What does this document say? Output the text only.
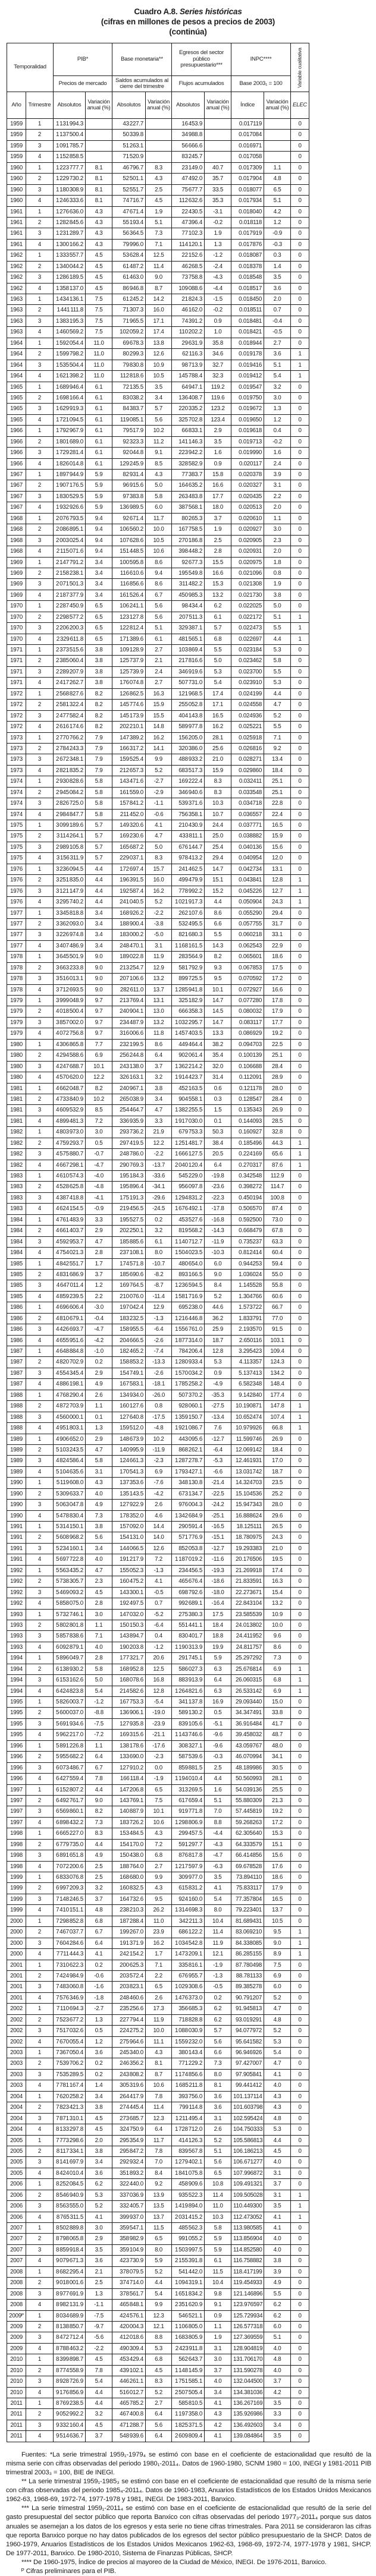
Cuadro A.8. Series históricas
(cifras en millones de pesos a precios de 2003)
(continúa)
Temporalidad		PIB*		Base monetaria**		Egresos del sector público presupuestario***		INPC****		Variable cualitativa

		Precios de mercado		Saldos acumulados al cierre del trimestre		Flujos acumulados		Base 2003₁ = 100		
Año	Trimestre	Absolutos	Variación anual (%)	Absolutos	Variación anual (%)	Absolutos	Variación anual (%)	Índice	Variación anual (%)	ELEC
1959	1	1 131 994.3		43 227.7		16 453.9		0.017119		0
1959	2	1 137 500.4		50 339.8		34 988.8		0.017084		0
1959	3	1 091 785.7		51 263.1		56 666.6		0.016971		0
1959	4	1 152 858.5		71 520.9		83 245.7		0.017058		0
1960	1	1 223 777.7	8.1	46 796.7	8.3	23 149.0	40.7	0.017309	1.1	0
1960	2	1 229 730.2	8.1	52 501.1	4.3	47 492.0	35.7	0.017904	4.8	0
1960	3	1 180 308.9	8.1	52 551.7	2.5	75 677.7	33.5	0.018077	6.5	0
1960	4	1 246 333.6	8.1	74 716.7	4.5	112 632.6	35.3	0.017934	5.1	0
1961	1	1 276 636.0	4.3	47 671.4	1.9	22 430.5	-3.1	0.018040	4.2	0
1961	2	1 282 845.6	4.3	55 193.4	5.1	47 396.4	-0.2	0.018118	1.2	0
1961	3	1 231 289.7	4.3	56 364.5	7.3	77 102.3	1.9	0.017919	-0.9	0
1961	4	1 300 166.2	4.3	79 996.0	7.1	114 120.1	1.3	0.017876	-0.3	0
1962	1	1 333 557.7	4.5	53 628.4	12.5	22 152.6	-1.2	0.018087	0.3	0
1962	2	1 340 044.2	4.5	61 487.2	11.4	46 268.5	-2.4	0.018378	1.4	0
1962	3	1 286 189.5	4.5	61 463.0	9.0	73 758.8	-4.3	0.018548	3.5	0
1962	4	1 358 137.0	4.5	86 946.8	8.7	109 088.6	-4.4	0.018517	3.6	0
1963	1	1 434 136.1	7.5	61 245.2	14.2	21 824.3	-1.5	0.018450	2.0	0
1963	2	1 441 111.8	7.5	71 307.3	16.0	46 162.0	-0.2	0.018511	0.7	0
1963	3	1 383 195.3	7.5	71 965.5	17.1	74 391.2	0.9	0.018481	-0.4	0
1963	4	1 460 569.2	7.5	102 059.2	17.4	110 202.2	1.0	0.018421	-0.5	0
1964	1	1 592 054.4	11.0	69 678.3	13.8	29 631.9	35.8	0.018944	2.7	0
1964	2	1 599 798.2	11.0	80 299.3	12.6	62 116.3	34.6	0.019178	3.6	1
1964	3	1 535 504.4	11.0	79 830.8	10.9	98 713.9	32.7	0.019416	5.1	1
1964	4	1 621 398.2	11.0	112 818.6	10.5	145 788.4	32.3	0.019412	5.4	1
1965	1	1 689 946.4	6.1	72 135.5	3.5	64 947.1	119.2	0.019547	3.2	0
1965	2	1 698 166.4	6.1	83 038.2	3.4	136 408.7	119.6	0.019750	3.0	0
1965	3	1 629 919.3	6.1	84 383.7	5.7	220 335.2	123.2	0.019672	1.3	0
1965	4	1 721 094.5	6.1	119 085.1	5.6	325 702.8	123.4	0.019650	1.2	0
1966	1	1 792 967.9	6.1	79 517.9	10.2	66 833.1	2.9	0.019618	0.4	0
1966	2	1 801 689.0	6.1	92 323.3	11.2	141 146.3	3.5	0.019713	-0.2	0
1966	3	1 729 281.4	6.1	92 044.8	9.1	223 942.2	1.6	0.019990	1.6	0
1966	4	1 826 014.8	6.1	129 245.9	8.5	328 582.9	0.9	0.020117	2.4	0
1967	1	1 897 944.9	5.9	82 931.4	4.3	77 383.7	15.8	0.020378	3.9	0
1967	2	1 907 176.5	5.9	96 915.6	5.0	164 635.2	16.6	0.020327	3.1	0
1967	3	1 830 529.5	5.9	97 383.8	5.8	263 483.8	17.7	0.020435	2.2	0
1967	4	1 932 926.6	5.9	136 989.5	6.0	387 568.1	18.0	0.020513	2.0	0
1968	1	2 076 793.5	9.4	92 671.4	11.7	80 265.3	3.7	0.020610	1.1	0
1968	2	2 086 895.1	9.4	106 560.2	10.0	167 758.5	1.9	0.020927	3.0	0
1968	3	2 003 025.4	9.4	107 628.6	10.5	270 186.8	2.5	0.020905	2.3	0
1968	4	2 115 071.6	9.4	151 448.5	10.6	398 448.2	2.8	0.020931	2.0	0
1969	1	2 147 791.2	3.4	100 595.8	8.6	92 677.3	15.5	0.020975	1.8	0
1969	2	2 158 238.1	3.4	116 610.6	9.4	195 549.8	16.6	0.021096	0.8	0
1969	3	2 071 501.3	3.4	116 856.6	8.6	311 482.2	15.3	0.021308	1.9	0
1969	4	2 187 377.9	3.4	161 526.4	6.7	450 985.3	13.2	0.021730	3.8	0
1970	1	2 287 450.9	6.5	106 241.1	5.6	98 434.4	6.2	0.022025	5.0	0
1970	2	2 298 577.2	6.5	123 127.8	5.6	207 511.3	6.1	0.022172	5.1	1
1970	3	2 206 200.3	6.5	122 812.4	5.1	329 387.1	5.7	0.022473	5.5	1
1970	4	2 329 611.8	6.5	171 389.6	6.1	481 565.1	6.8	0.022697	4.4	1
1971	1	2 373 515.6	3.8	109 128.9	2.7	103 869.4	5.5	0.023184	5.3	0
1971	2	2 385 060.4	3.8	125 737.9	2.1	217 816.6	5.0	0.023462	5.8	0
1971	3	2 289 207.9	3.8	125 739.9	2.4	346 919.6	5.3	0.023700	5.5	0
1971	4	2 417 262.7	3.8	176 074.8	2.7	507 731.0	5.4	0.023910	5.3	0
1972	1	2 568 827.6	8.2	126 862.5	16.3	121 968.5	17.4	0.024199	4.4	0
1972	2	2 581 322.4	8.2	145 774.6	15.9	255 052.8	17.1	0.024558	4.7	0
1972	3	2 477 582.4	8.2	145 173.9	15.5	404 143.8	16.5	0.024936	5.2	0
1972	4	2 616 174.6	8.2	202 210.1	14.8	589 977.8	16.2	0.025221	5.5	0
1973	1	2 770 766.2	7.9	147 389.2	16.2	156 205.0	28.1	0.025918	7.1	0
1973	2	2 784 243.3	7.9	166 317.2	14.1	320 386.0	25.6	0.026816	9.2	0
1973	3	2 672 348.1	7.9	159 525.4	9.9	488 933.2	21.0	0.028271	13.4	0
1973	4	2 821 835.2	7.9	212 657.3	5.2	683 517.3	15.9	0.029860	18.4	0
1974	1	2 930 828.6	5.8	143 471.6	-2.7	169 222.4	8.3	0.032411	25.1	0
1974	2	2 945 084.2	5.8	161 559.0	-2.9	346 940.6	8.3	0.033548	25.1	0
1974	3	2 826 725.0	5.8	157 841.2	-1.1	539 371.6	10.3	0.034718	22.8	0
1974	4	2 984 847.7	5.8	211 452.0	-0.6	756 358.1	10.7	0.036557	22.4	0
1975	1	3 099 189.6	5.7	149 320.6	4.1	210 430.9	24.4	0.037771	16.5	0
1975	2	3 114 264.1	5.7	169 230.6	4.7	433 811.1	25.0	0.038882	15.9	0
1975	3	2 989 105.8	5.7	165 687.2	5.0	676 144.7	25.4	0.040136	15.6	0
1975	4	3 156 311.9	5.7	229 037.1	8.3	978 413.2	29.4	0.040954	12.0	0
1976	1	3 236 094.5	4.4	172 697.4	15.7	241 462.5	14.7	0.042734	13.1	0
1976	2	3 251 835.0	4.4	196 391.5	16.0	499 479.9	15.1	0.043841	12.8	1
1976	3	3 121 147.9	4.4	192 587.4	16.2	778 992.2	15.2	0.045226	12.7	1
1976	4	3 295 740.2	4.4	241 040.5	5.2	1 021 917.3	4.4	0.050904	24.3	1
1977	1	3 345 818.8	3.4	168 926.2	-2.2	262 107.6	8.6	0.055290	29.4	0
1977	2	3 362 093.0	3.4	188 900.4	-3.8	532 495.5	6.6	0.057755	31.7	0
1977	3	3 226 974.8	3.4	183 000.2	-5.0	821 680.3	5.5	0.060218	33.1	0
1977	4	3 407 486.9	3.4	248 470.1	3.1	1 168 161.5	14.3	0.062543	22.9	0
1978	1	3 645 501.9	9.0	189 022.8	11.9	283 564.9	8.2	0.065601	18.6	0
1978	2	3 663 233.8	9.0	213 254.7	12.9	581 792.9	9.3	0.067853	17.5	0
1978	3	3 516 013.1	9.0	207 106.6	13.2	899 725.5	9.5	0.070592	17.2	0
1978	4	3 712 693.5	9.0	282 611.0	13.7	1 285 941.8	10.1	0.072927	16.6	0
1979	1	3 999 048.9	9.7	213 769.4	13.1	325 182.9	14.7	0.077280	17.8	0
1979	2	4 018 500.4	9.7	240 904.1	13.0	666 358.3	14.5	0.080032	17.9	0
1979	3	3 857 002.0	9.7	234 487.9	13.2	1 032 295.7	14.7	0.083117	17.7	0
1979	4	4 072 756.8	9.7	316 006.6	11.8	1 457 403.5	13.3	0.086929	19.2	0
1980	1	4 306 865.8	7.7	232 199.5	8.6	449 464.4	38.2	0.094703	22.5	0
1980	2	4 294 588.6	6.9	256 244.8	6.4	902 061.4	35.4	0.100139	25.1	0
1980	3	4 247 688.7	10.1	243 138.0	3.7	1 362 214.2	32.0	0.106688	28.4	0
1980	4	4 570 620.0	12.2	326 163.1	3.2	1 914 423.7	31.4	0.112091	28.9	0
1981	1	4 662 048.7	8.2	240 967.1	3.8	452 163.5	0.6	0.121178	28.0	0
1981	2	4 733 840.9	10.2	265 038.9	3.4	904 558.1	0.3	0.128547	28.4	0
1981	3	4 609 532.9	8.5	254 464.7	4.7	1 382 255.5	1.5	0.135343	26.9	0
1981	4	4 899 481.3	7.2	336 935.9	3.3	1 917 030.0	0.1	0.144093	28.5	0
1982	1	4 803 973.0	3.0	293 736.2	21.9	679 753.3	50.3	0.160927	32.8	0
1982	2	4 759 293.7	0.5	297 419.5	12.2	1 251 481.7	38.4	0.185496	44.3	1
1982	3	4 575 880.7	-0.7	248 786.0	-2.2	1 666 127.5	20.5	0.224169	65.6	1
1982	4	4 667 298.1	-4.7	290 769.3	-13.7	2 040 120.4	6.4	0.270317	87.6	1
1983	1	4 610 574.3	-4.0	195 184.3	-33.6	545 229.0	-19.8	0.342548	112.9	0
1983	2	4 528 625.8	-4.8	195 896.4	-34.1	956 097.8	-23.6	0.398272	114.7	0
1983	3	4 387 418.8	-4.1	175 191.3	-29.6	1 294 831.2	-22.3	0.450194	100.8	0
1983	4	4 624 154.5	-0.9	219 456.5	-24.5	1 676 492.1	-17.8	0.506570	87.4	0
1984	1	4 761 483.9	3.3	195 527.5	0.2	453 527.6	-16.8	0.592500	73.0	0
1984	2	4 661 403.7	2.9	202 250.1	3.2	819 568.2	-14.3	0.668479	67.8	0
1984	3	4 592 953.7	4.7	185 885.6	6.1	1 140 712.7	-11.9	0.735237	63.3	0
1984	4	4 754 021.3	2.8	237 108.1	8.0	1 504 023.5	-10.3	0.812414	60.4	0
1985	1	4 842 551.7	1.7	174 571.8	-10.7	480 654.0	6.0	0.944253	59.4	0
1985	2	4 831 686.9	3.7	185 690.6	-8.2	893 166.5	9.0	1.036024	55.0	0
1985	3	4 647 011.4	1.2	169 764.5	-8.7	1 236 594.5	8.4	1.145528	55.8	0
1985	4	4 859 239.5	2.2	210 076.0	-11.4	1 581 716.9	5.2	1.304766	60.6	0
1986	1	4 696 606.4	-3.0	197 042.4	12.9	695 238.0	44.6	1.573722	66.7	0
1986	2	4 810 679.1	-0.4	183 232.5	-1.3	1 216 446.8	36.2	1.833791	77.0	0
1986	3	4 426 693.7	-4.7	158 955.5	-6.4	1 556 761.0	25.9	2.193570	91.5	0
1986	4	4 655 951.6	-4.2	204 666.5	-2.6	1 877 314.0	18.7	2.650116	103.1	0
1987	1	4 648 884.8	-1.0	182 465.2	-7.4	784 206.4	12.8	3.295423	109.4	0
1987	2	4 820 702.9	0.2	158 853.2	-13.3	1 280 933.4	5.3	4.113357	124.3	0
1987	3	4 554 345.4	2.9	154 749.1	-2.6	1 570 034.2	0.9	5.137413	134.2	0
1987	4	4 886 198.1	4.9	167 583.1	-18.1	1 785 258.2	-4.9	6.582348	148.4	0
1988	1	4 768 290.4	2.6	134 934.0	-26.0	507 370.2	-35.3	9.142840	177.4	0
1988	2	4 872 703.9	1.1	160 127.6	0.8	928 060.1	-27.5	10.190871	147.8	1
1988	3	4 560 000.1	0.1	127 640.8	-17.5	1 359 150.7	-13.4	10.652474	107.4	1
1988	4	4 951 803.1	1.3	159 512.0	-4.8	1 921 086.7	7.6	10.979926	66.8	1
1989	1	4 906 652.0	2.9	148 673.9	10.2	443 095.6	-12.7	11.599746	26.9	0
1989	2	5 103 243.5	4.7	140 995.9	-11.9	868 262.1	-6.4	12.069142	18.4	0
1989	3	4 824 586.4	5.8	124 661.3	-2.3	1 287 278.7	-5.3	12.461931	17.0	0
1989	4	5 104 635.6	3.1	170 541.3	6.9	1 793 427.1	-6.6	13.031742	18.7	0
1990	1	5 119 608.0	4.3	137 353.6	-7.6	348 130.8	-21.4	14.324703	23.5	0
1990	2	5 309 633.7	4.0	135 143.5	-4.2	673 134.7	-22.5	15.104536	25.2	0
1990	3	5 063 047.8	4.9	127 922.9	2.6	976 004.3	-24.2	15.947343	28.0	0
1990	4	5 478 830.4	7.3	178 352.0	4.6	1 342 684.9	-25.1	16.888624	29.6	0
1991	1	5 314 150.1	3.8	157 092.0	14.4	290 591.4	-16.5	18.125111	26.5	0
1991	2	5 608 968.2	5.6	154 131.0	14.0	571 776.9	-15.1	18.780975	24.3	0
1991	3	5 234 160.1	3.4	144 066.5	12.6	852 053.8	-12.7	19.293383	21.0	0
1991	4	5 697 722.8	4.0	191 217.9	7.2	1 187 019.2	-11.6	20.176506	19.5	0
1992	1	5 563 435.2	4.7	155 052.3	-1.3	234 456.5	-19.3	21.269918	17.4	0
1992	2	5 738 305.7	2.3	160 475.2	4.1	465 676.4	-18.6	21.833591	16.3	0
1992	3	5 469 093.2	4.5	143 300.1	-0.5	698 792.6	-18.0	22.273671	15.4	0
1992	4	5 858 075.0	2.8	192 497.5	0.7	992 689.1	-16.4	22.843104	13.2	0
1993	1	5 732 746.1	3.0	147 032.0	-5.2	275 380.3	17.5	23.585539	10.9	0
1993	2	5 802 801.8	1.1	150 150.3	-6.4	551 441.1	18.4	24.013802	10.0	0
1993	3	5 857 838.6	7.1	143 894.7	0.4	830 401.7	18.8	24.411952	9.6	0
1993	4	6 092 879.1	4.0	190 203.8	-1.2	1 190 313.9	19.9	24.811757	8.6	0
1994	1	5 896 049.7	2.8	177 321.7	20.6	291 745.1	5.9	25.297292	7.3	0
1994	2	6 138 930.2	5.8	168 952.8	12.5	586 027.3	6.3	25.676814	6.9	1
1994	3	6 153 162.6	5.0	168 078.6	16.8	883 913.9	6.4	26.060315	6.8	1
1994	4	6 424 823.8	5.4	214 582.6	12.8	1 264 821.6	6.3	26.533142	6.9	1
1995	1	5 826 003.7	-1.2	167 753.3	-5.4	341 137.8	16.9	29.093440	15.0	0
1995	2	5 600 037.0	-8.8	136 906.1	-19.0	589 130.2	0.5	34.347491	33.8	0
1995	3	5 691 934.6	-7.5	127 935.8	-23.9	839 105.6	-5.1	36.916484	41.7	0
1995	4	5 962 217.0	-7.2	169 315.6	-21.1	1 143 746.6	-9.6	39.458032	48.7	0
1996	1	5 891 226.8	1.1	138 178.6	-17.6	308 327.1	-9.6	43.059767	48.0	0
1996	2	5 955 682.2	6.4	133 690.0	-2.3	587 539.6	-0.3	46.070994	34.1	0
1996	3	6 073 486.7	6.7	127 910.2	0.0	859 881.5	2.5	48.189986	30.5	0
1996	4	6 427 559.4	7.8	166 118.4	-1.9	1 194 010.4	4.4	50.560993	28.1	0
1997	1	6 152 807.2	4.4	147 206.8	6.5	313 269.5	1.6	54.039136	25.5	0
1997	2	6 492 761.7	9.0	143 769.1	7.5	617 659.4	5.1	55.880309	21.3	0
1997	3	6 569 860.1	8.2	140 887.9	10.1	919 771.8	7.0	57.445819	19.2	0
1997	4	6 898 432.2	7.3	183 726.2	10.6	1 298 806.9	8.8	59.268263	17.2	0
1998	1	6 665 227.0	8.3	153 484.5	4.3	299 457.5	-4.4	62.305640	15.3	0
1998	2	6 779 735.0	4.4	154 170.0	7.2	591 297.7	-4.3	64.333579	15.1	0
1998	3	6 891 651.8	4.9	150 438.0	6.8	876 817.8	-4.7	66.414856	15.6	0
1998	4	7 072 200.6	2.5	188 764.0	2.7	1 217 597.9	-6.3	69.678528	17.6	0
1999	1	6 833 076.8	2.5	168 680.0	9.9	309 977.0	3.5	73.894110	18.6	0
1999	2	6 997 209.3	3.2	160 832.5	4.3	615 831.2	4.1	75.833117	17.9	0
1999	3	7 148 246.5	3.7	164 732.6	9.5	924 160.0	5.4	77.357804	16.5	0
1999	4	7 410 151.1	4.8	238 210.3	26.2	1 314 698.3	8.0	79.223401	13.7	0
2000	1	7 298 852.8	6.8	187 288.4	11.0	342 211.3	10.4	81.689431	10.5	0
2000	2	7 467 037.7	6.7	199 267.0	23.9	686 122.2	11.4	83.069210	9.5	1
2000	3	7 604 284.6	6.4	191 371.9	16.2	1 034 542.8	11.9	84.338085	9.0	1
2000	4	7 711 444.3	4.1	242 154.2	1.7	1 473 209.1	12.1	86.285155	8.9	1
2001	1	7 310 622.3	0.2	200 625.3	7.1	335 816.1	-1.9	87.780498	7.5	0
2001	2	7 424 984.9	-0.6	203 572.4	2.2	676 955.7	-1.3	88.781133	6.9	0
2001	3	7 483 060.8	-1.6	203 823.1	6.5	1 029 308.6	-0.5	89.385278	6.0	0
2001	4	7 576 346.9	-1.8	248 460.6	2.6	1 476 373.0	0.2	90.791207	5.2	0
2002	1	7 110 694.3	-2.7	235 256.6	17.3	356 685.3	6.2	91.945813	4.7	0
2002	2	7 523 677.2	1.3	227 794.4	11.9	718 828.8	6.2	93.019291	4.8	0
2002	3	7 517 032.6	0.5	224 275.2	10.0	1 088 030.9	5.7	94.077972	5.2	0
2002	4	7 670 055.4	1.2	275 964.6	11.1	1 559 232.0	5.6	95.641582	5.3	0
2003	1	7 367 050.4	3.6	245 340.0	4.3	380 143.4	6.6	96.946926	5.4	0
2003	2	7 539 706.2	0.2	246 356.2	8.1	771 229.2	7.3	97.427007	4.7	0
2003	3	7 535 289.5	0.2	243 808.2	8.7	1 174 856.6	8.0	97.905841	4.1	0
2003	4	7 781 167.4	1.4	305 319.6	10.6	1 685 211.8	8.1	99.441412	4.0	0
2004	1	7 620 258.2	3.4	264 417.9	7.8	393 756.0	3.6	101.137114	4.3	0
2004	2	7 823 421.3	3.8	274 445.4	11.4	799 114.8	3.6	101.603798	4.3	0
2004	3	7 871 310.1	4.5	273 685.7	12.3	1 211 495.4	3.1	102.595424	4.8	0
2004	4	8 133 297.8	4.5	324 750.9	6.4	1 728 712.0	2.6	104.750333	5.3	0
2005	1	7 773 298.6	2.0	295 354.9	11.7	414 126.3	5.2	105.586813	4.4	0
2005	2	8 117 334.1	3.8	295 847.2	7.8	839 567.8	5.1	106.186213	4.5	0
2005	3	8 141 697.9	3.4	292 932.4	7.0	1 279 402.1	5.6	106.671277	4.0	0
2005	4	8 424 010.4	3.6	351 893.2	8.4	1 841 075.8	6.5	107.996872	3.1	0
2006	1	8 252 084.5	6.2	322 440.0	9.2	458 909.6	10.8	109.491321	3.7	0
2006	2	8 546 940.9	5.3	337 036.9	13.9	935 522.3	11.4	109.505028	3.1	1
2006	3	8 563 555.0	5.2	332 405.7	13.5	1 419 894.0	11.0	110.449300	3.5	1
2006	4	8 765 311.5	4.1	399 937.0	13.7	2 031 415.2	10.3	112.473052	4.1	1
2007	1	8 502 889.8	3.0	359 547.1	11.5	485 562.3	5.8	113.980585	4.1	0
2007	2	8 798 065.8	2.9	358 982.9	6.5	991 055.2	5.9	113.856904	4.0	0
2007	3	8 859 918.4	3.5	359 104.9	8.0	1 503 997.5	5.9	114.852580	4.0	0
2007	4	9 079 671.3	3.6	423 730.9	5.9	2 155 391.8	6.1	116.758882	3.8	0
2008	1	8 682 295.4	2.1	378 079.5	5.2	541 442.0	11.5	118.417199	3.9	0
2008	2	9 018 001.6	2.5	374 714.0	4.4	1 094 319.1	10.4	119.454933	4.9	0
2008	3	8 977 691.9	1.3	378 561.7	5.4	1 651 834.2	9.8	121.146896	5.5	0
2008	4	8 982 131.9	-1.1	465 848.1	9.9	2 351 620.9	9.1	123.976597	6.2	0
2009ᴾ	1	8 034 689.9	-7.5	424 576.1	12.3	546 521.1	0.9	125.729934	6.2	0
2009	2	8 138 850.7	-9.7	420 004.3	12.1	1 106 805.0	1.1	126.577318	6.0	0
2009	3	8 472 712.4	-5.6	412 018.6	8.8	1 683 805.9	1.9	127.369559	5.1	0
2009	4	8 788 463.2	-2.2	490 309.4	5.3	2 423 911.8	3.1	128.904819	4.0	0
2010	1	8 399 898.7	4.5	453 429.4	6.8	562 643.7	3.0	131.706170	4.8	0
2010	2	8 774 558.9	7.8	439 102.1	4.5	1 148 145.9	3.7	131.590278	4.0	0
2010	3	8 928 726.9	5.4	446 261.1	8.3	1 751 585.1	4.0	132.044500	3.7	0
2010	4	9 176 856.9	4.4	516 012.7	5.2	2 507 505.4	3.4	134.381036	4.2	0
2011	1	8 769 238.5	4.4	465 785.2	2.7	585 810.5	4.1	136.267169	3.5	0
2011	2	9 052 992.2	3.2	467 400.8	6.4	1 197 358.0	4.3	135.926986	3.3	0
2011	3	9 332 160.4	4.5	471 288.7	5.6	1 825 371.5	4.2	136.492603	3.4	0
2011	4	9 514 636.7	3.7	548 939.6	6.4	2 609 809.4	4.1	139.084864	3.5	0

Fuentes: *La serie trimestral 1959₁-1979₄ se estimó con base en el coeficiente de estacionalidad que resultó de la misma serie con cifras observadas del periodo 1980₁-2011₄. Datos de 1960-1980, SCNM 1980 = 100, INEGI y 1981-2011 PIB trimestral 2003₃ = 100, BIE de INEGI.

** La serie trimestral 1959₁-1985₃ se estimó con base en el coeficiente de estacionalidad que resultó de la misma serie con cifras observadas del periodo 1985₄-2011₄. Datos de 1960-1983, Anuarios Estadísticos de los Estados Unidos Mexicanos 1962-63, 1968-69, 1972-74, 1977-1978 y 1981, INEGI. De 1983-2011, Banxico.

*** La serie trimestral 1959₁-2011₄ se estimó con base en el coeficiente de estacionalidad que resultó de la serie del gasto presupuestal del sector público que reporta Banxico con cifras observadas del periodo 1977₃-2011₄ porque sus datos anuales se asemejan a los datos de los egresos y esta serie no tiene cifras trimestrales. Para 2011 se consideraron las cifras que reporta Banxico porque no hay datos publicados de los egresos del sector público presupuestario de la SHCP. Datos de 1960-1979, Anuarios Estadísticos de los Estados Unidos Mexicanos 1962-63, 1968-69, 1972-74, 1977-1978 y 1981, SHCP. De 1977-2011, Banxico. De 1980-2010, Sistema de Finanzas Públicas, SHCP.

**** De 1960-1975, Índice de precios al mayoreo de la Ciudad de México, INEGI. De 1976-2011, Banxico.

ᴾ Cifras preliminares para el PIB.
